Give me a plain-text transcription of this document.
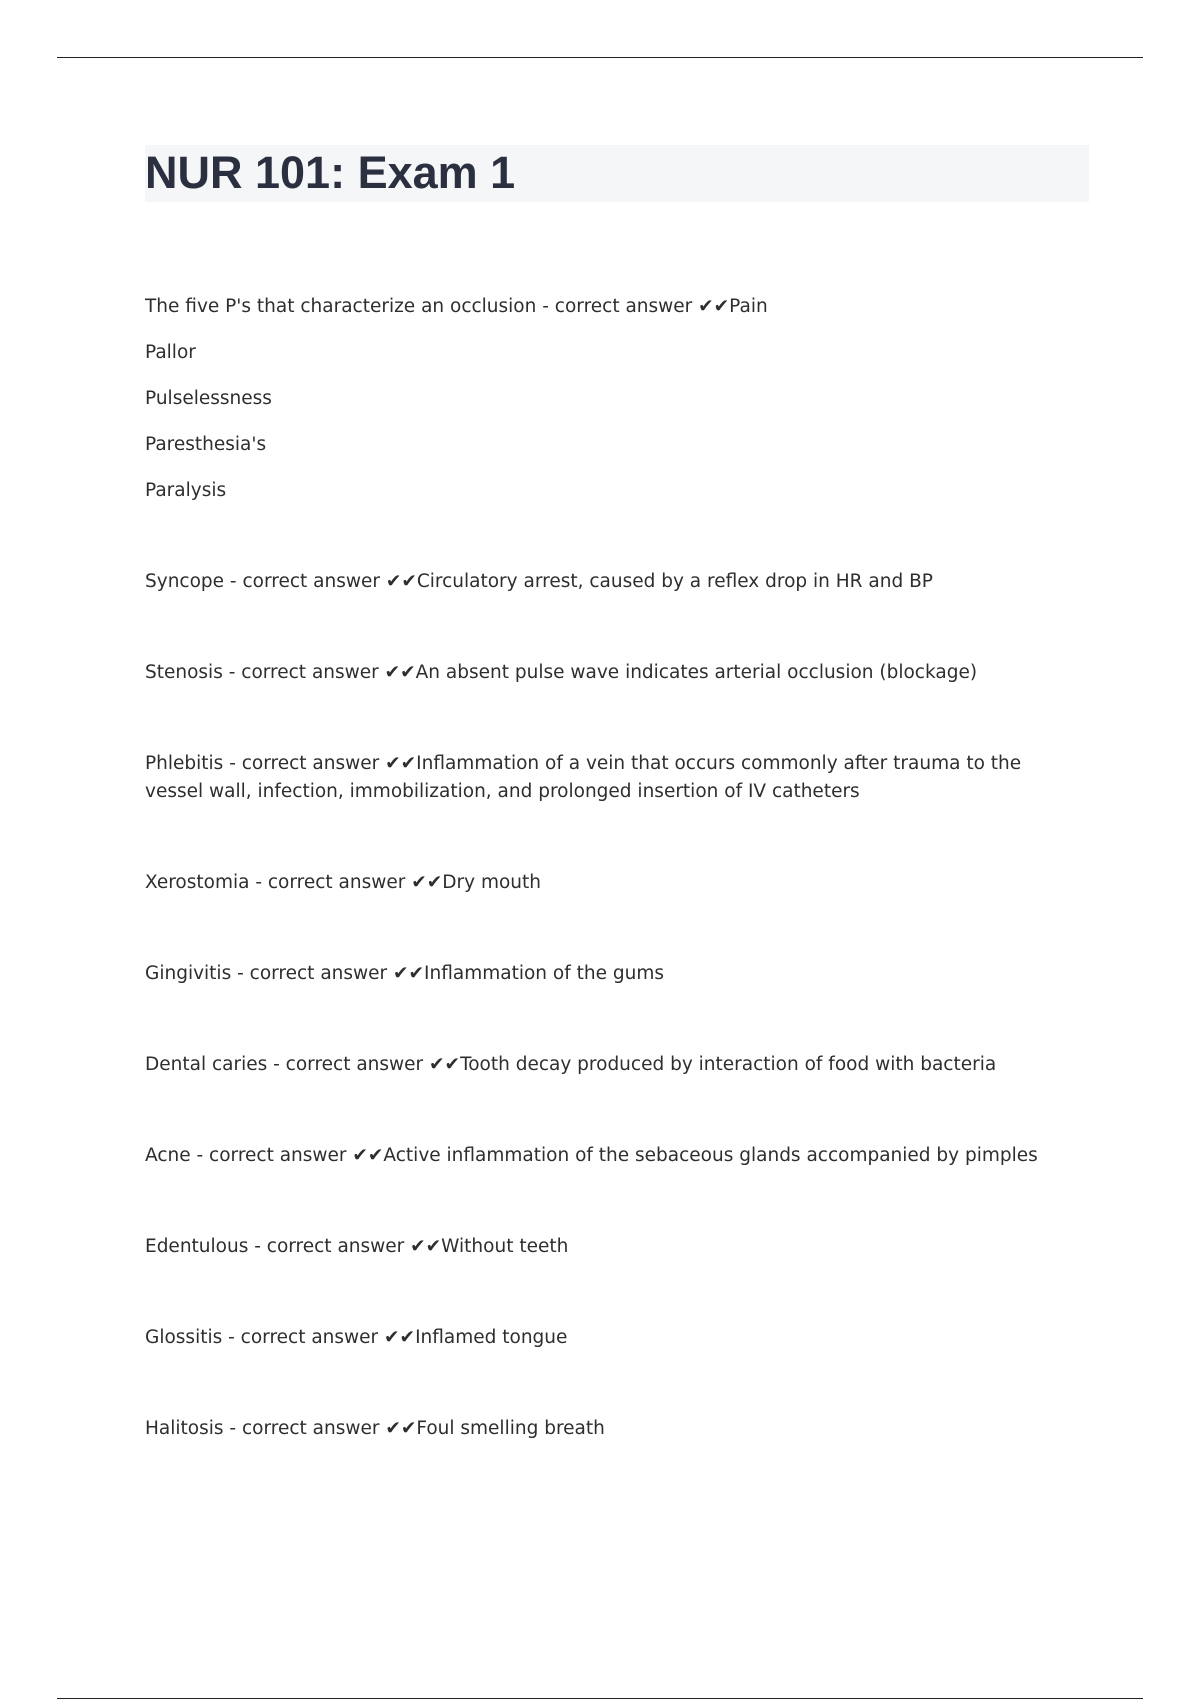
NUR 101: Exam 1

The five P's that characterize an occlusion - correct answer ✔✔Pain

Pallor

Pulselessness

Paresthesia's

Paralysis

Syncope - correct answer ✔✔Circulatory arrest, caused by a reflex drop in HR and BP

Stenosis - correct answer ✔✔An absent pulse wave indicates arterial occlusion (blockage)

Phlebitis - correct answer ✔✔Inflammation of a vein that occurs commonly after trauma to the vessel wall, infection, immobilization, and prolonged insertion of IV catheters

Xerostomia - correct answer ✔✔Dry mouth

Gingivitis - correct answer ✔✔Inflammation of the gums

Dental caries - correct answer ✔✔Tooth decay produced by interaction of food with bacteria

Acne - correct answer ✔✔Active inflammation of the sebaceous glands accompanied by pimples

Edentulous - correct answer ✔✔Without teeth

Glossitis - correct answer ✔✔Inflamed tongue

Halitosis - correct answer ✔✔Foul smelling breath
